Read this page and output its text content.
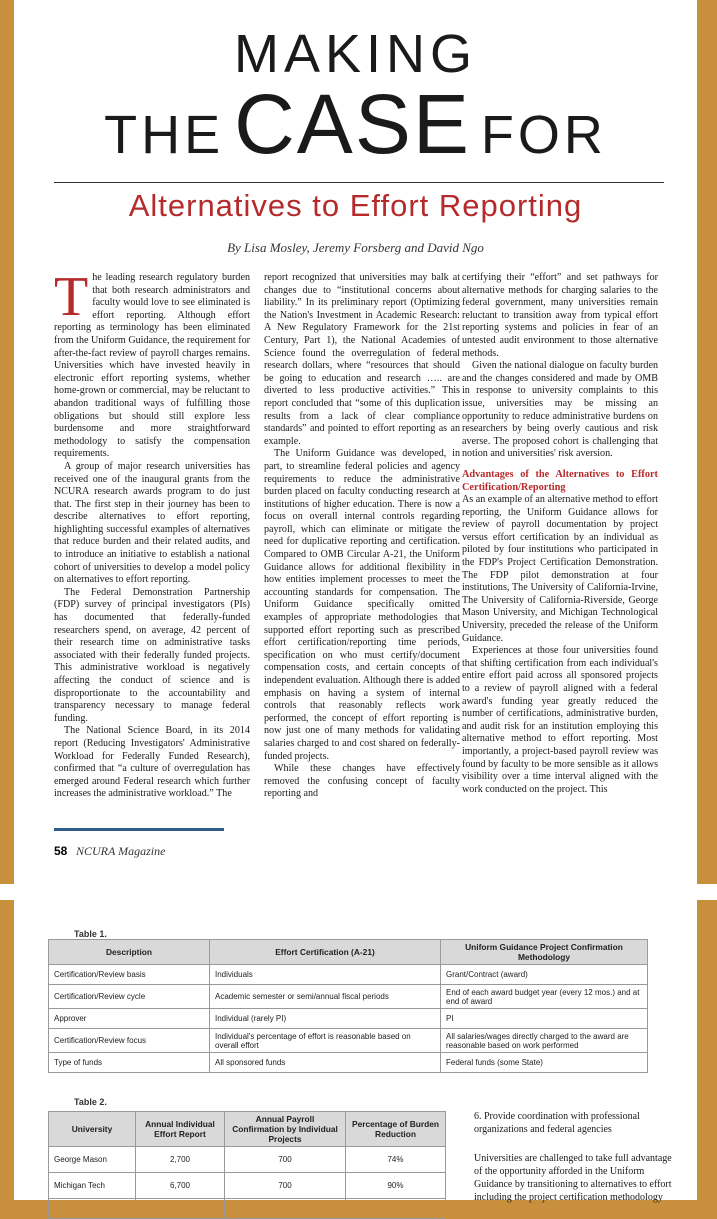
MAKING
THE CASE FOR
Alternatives to Effort Reporting
By Lisa Mosley, Jeremy Forsberg and David Ngo

The leading research regulatory burden that both research administrators and faculty would love to see eliminated is effort reporting. Although effort reporting as terminology has been eliminated from the Uniform Guidance, the requirement for after-the-fact review of payroll charges remains. Universities which have invested heavily in electronic effort reporting systems, whether home-grown or commercial, may be reluctant to abandon traditional ways of fulfilling those obligations but should still explore less burdensome and more straightforward methodology to satisfy the compensation requirements.

A group of major research universities has received one of the inaugural grants from the NCURA research awards program to do just that. The first step in their journey has been to describe alternatives to effort reporting, highlighting successful examples of alternatives that reduce burden and their related audits, and to introduce an initiative to establish a national cohort of universities to develop a model policy on alternatives to effort reporting.

The Federal Demonstration Partnership (FDP) survey of principal investigators (PIs) has documented that federally-funded researchers spend, on average, 42 percent of their research time on administrative tasks associated with their federally funded projects. This administrative workload is negatively affecting the conduct of science and is disproportionate to the accountability and transparency necessary to manage federal funding.

The National Science Board, in its 2014 report (Reducing Investigators' Administrative Workload for Federally Funded Research), confirmed that “a culture of overregulation has emerged around Federal research which further increases the administrative workload.” The

report recognized that universities may balk at changes due to “institutional concerns about liability.” In its preliminary report (Optimizing the Nation's Investment in Academic Research: A New Regulatory Framework for the 21st Century, Part 1), the National Academies of Science found the overregulation of federal research dollars, where “resources that should be going to education and research ….. are diverted to less productive activities.” This report concluded that “some of this duplication results from a lack of clear compliance standards” and pointed to effort reporting as an example.

The Uniform Guidance was developed, in part, to streamline federal policies and agency requirements to reduce the administrative burden placed on faculty conducting research at institutions of higher education. There is now a focus on overall internal controls regarding payroll, which can eliminate or mitigate the need for duplicative reporting and certification. Compared to OMB Circular A-21, the Uniform Guidance allows for additional flexibility in how entities implement processes to meet the accounting standards for compensation. The Uniform Guidance specifically omitted examples of appropriate methodologies that supported effort reporting such as prescribed effort certification/reporting time periods, specification on who must certify/document compensation costs, and certain concepts of independent evaluation. Although there is added emphasis on having a system of internal controls that reasonably reflects work performed, the concept of effort reporting is now just one of many methods for validating salaries charged to and cost shared on federally-funded projects.

While these changes have effectively removed the confusing concept of faculty reporting and

certifying their “effort” and set pathways for alternative methods for charging salaries to the federal government, many universities remain reluctant to transition away from typical effort reporting systems and policies in fear of an untested audit environment to those alternative methods.

Given the national dialogue on faculty burden and the changes considered and made by OMB in response to university complaints to this issue, universities may be missing an opportunity to reduce administrative burdens on researchers by being overly cautious and risk averse. The proposed cohort is challenging that notion and universities' risk aversion.

Advantages of the Alternatives to Effort Certification/Reporting

As an example of an alternative method to effort reporting, the Uniform Guidance allows for review of payroll documentation by project versus effort certification by an individual as piloted by four institutions who participated in the FDP's Project Certification Demonstration. The FDP pilot demonstration at four institutions, The University of California-Irvine, The University of California-Riverside, George Mason University, and Michigan Technological University, preceded the release of the Uniform Guidance.

Experiences at those four universities found that shifting certification from each individual's entire effort paid across all sponsored projects to a review of payroll aligned with a federal award's funding year greatly reduced the number of certifications, administrative burden, and audit risk for an institution employing this alternative method to effort reporting. Most importantly, a project-based payroll review was found by faculty to be more sensible as it allows visibility over a time interval aligned with the work conducted on the project. This

58 NCURA Magazine
Table 1.
Description	Effort Certification (A-21)	Uniform Guidance Project Confirmation Methodology
Certification/Review basis	Individuals	Grant/Contract (award)
Certification/Review cycle	Academic semester or semi/annual fiscal periods	End of each award budget year (every 12 mos.) and at end of award
Approver	Individual (rarely PI)	PI
Certification/Review focus	Individual's percentage of effort is reasonable based on overall effort	All salaries/wages directly charged to the award are reasonable based on work performed
Type of funds	All sponsored funds	Federal funds (some State)
Table 2.
University	Annual Individual Effort Report	Annual Payroll Confirmation by Individual Projects	Percentage of Burden Reduction
George Mason	2,700	700	74%
Michigan Tech	6,700	700	90%

6. Provide coordination with professional organizations and federal agencies
Universities are challenged to take full advantage of the opportunity afforded in the Uniform Guidance by transitioning to alternatives to effort including the project certification methodology
